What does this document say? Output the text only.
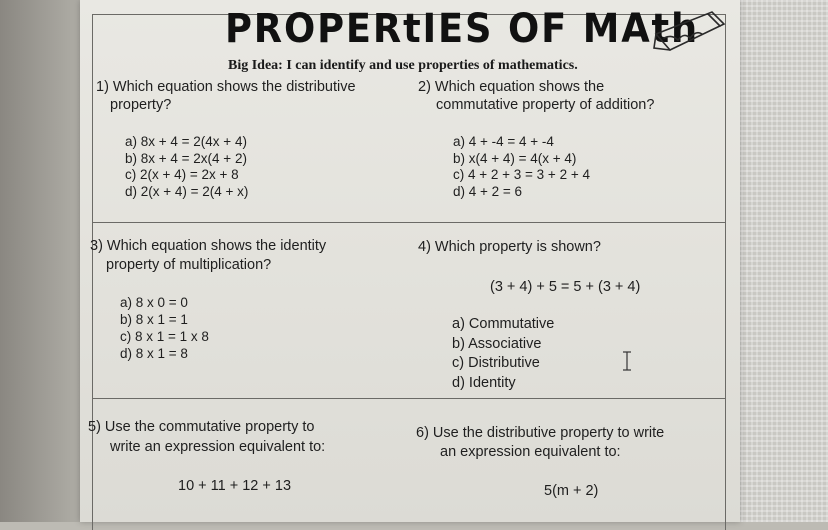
PROPERtIES OF MAth

Big Idea: I can identify and use properties of mathematics.

1) Which equation shows the distributive

property?

a) 8x + 4 = 2(4x + 4)
b) 8x + 4 = 2x(4 + 2)
c) 2(x + 4) = 2x + 8
d) 2(x + 4) = 2(4 + x)

2) Which equation shows the

commutative property of addition?

a) 4 + -4 = 4 + -4
b) x(4 + 4) = 4(x + 4)
c) 4 + 2 + 3 = 3 + 2 + 4
d) 4 + 2 = 6

3) Which equation shows the identity

property of multiplication?

a) 8 x 0 = 0
b) 8 x 1 = 1
c) 8 x 1 = 1 x 8
d) 8 x 1 = 8

4) Which property is shown?

(3 + 4) + 5 = 5 + (3 + 4)

a) Commutative
b) Associative
c) Distributive
d) Identity

5) Use the commutative property to

write an expression equivalent to:

10 + 11 + 12 + 13

6) Use the distributive property to write

an expression equivalent to:

5(m + 2)
